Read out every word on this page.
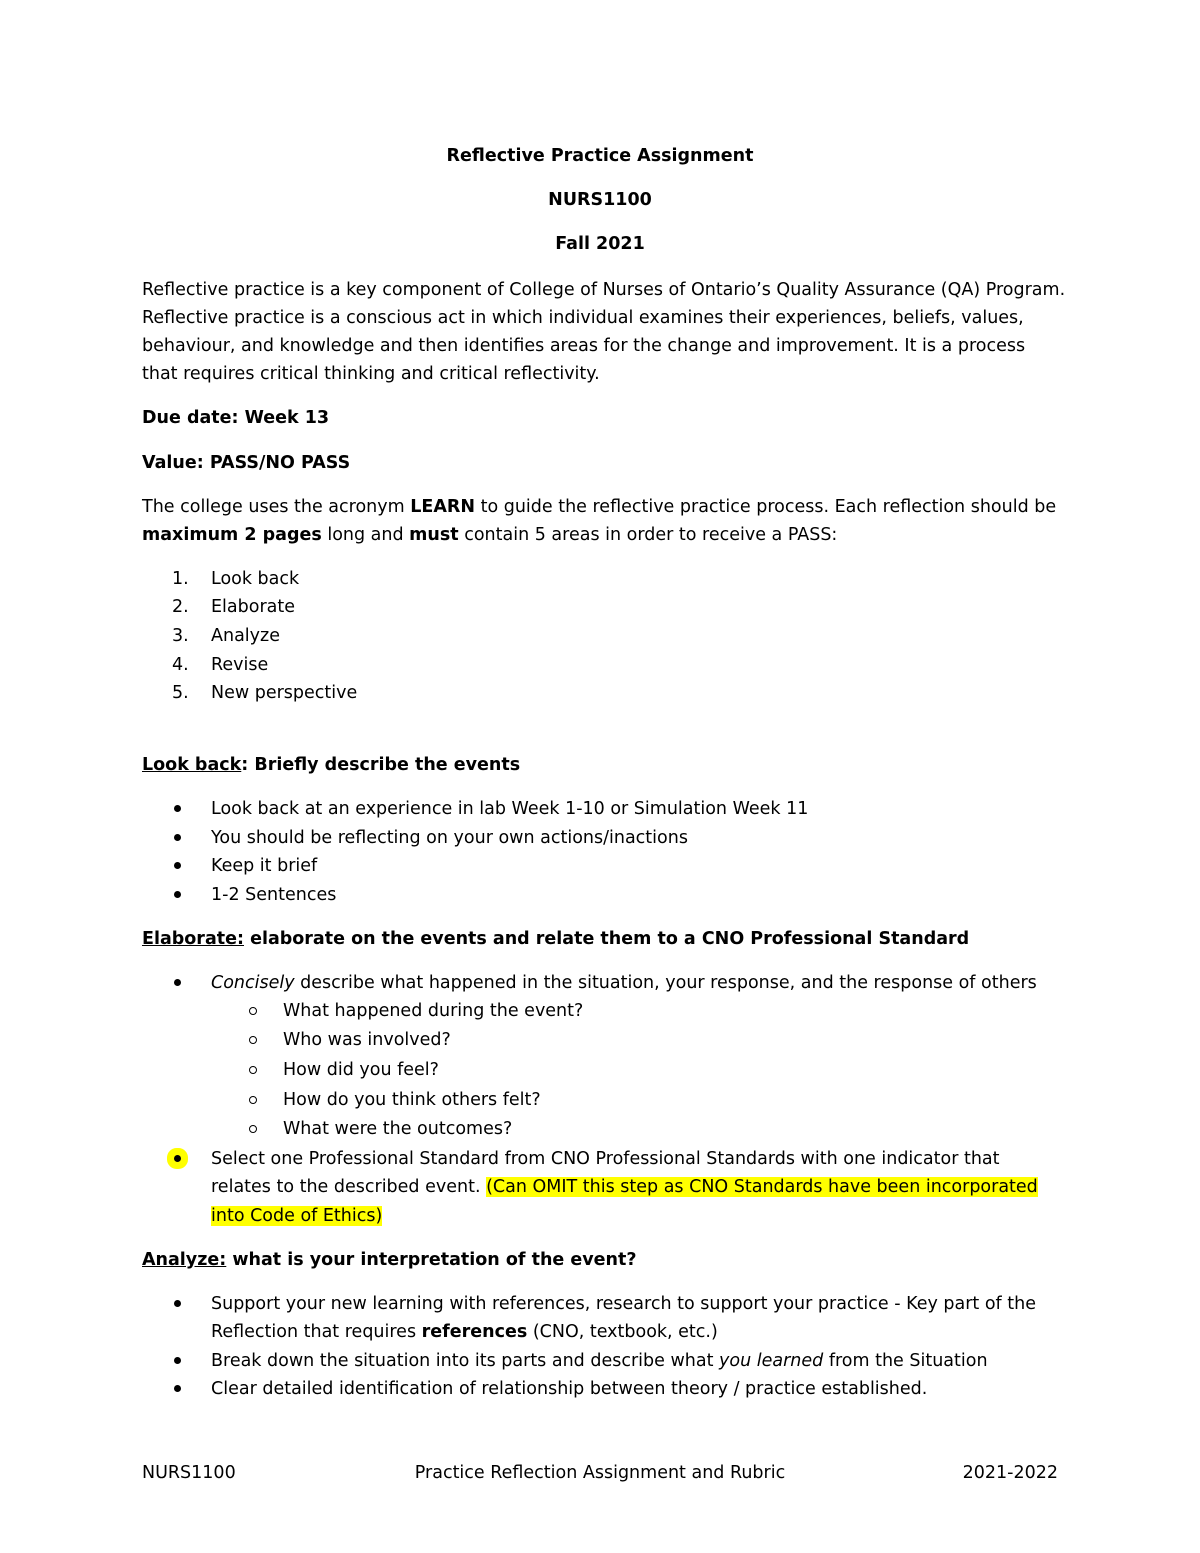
Reflective Practice Assignment
NURS1100
Fall 2021
Reflective practice is a key component of College of Nurses of Ontario’s Quality Assurance (QA) Program.
Reflective practice is a conscious act in which individual examines their experiences, beliefs, values,
behaviour, and knowledge and then identifies areas for the change and improvement. It is a process
that requires critical thinking and critical reflectivity.
Due date: Week 13
Value: PASS/NO PASS
The college uses the acronym LEARN to guide the reflective practice process. Each reflection should be
maximum 2 pages long and must contain 5 areas in order to receive a PASS:
1. Look back
2. Elaborate
3. Analyze
4. Revise
5. New perspective
Look back: Briefly describe the events
Look back at an experience in lab Week 1-10 or Simulation Week 11
You should be reflecting on your own actions/inactions
Keep it brief
1-2 Sentences
Elaborate: elaborate on the events and relate them to a CNO Professional Standard
Concisely describe what happened in the situation, your response, and the response of others
What happened during the event?
Who was involved?
How did you feel?
How do you think others felt?
What were the outcomes?
Select one Professional Standard from CNO Professional Standards with one indicator that
relates to the described event. (Can OMIT this step as CNO Standards have been incorporated
into Code of Ethics)
Analyze: what is your interpretation of the event?
Support your new learning with references, research to support your practice - Key part of the
Reflection that requires references (CNO, textbook, etc.)
Break down the situation into its parts and describe what you learned from the Situation
Clear detailed identification of relationship between theory / practice established.
NURS1100	Practice Reflection Assignment and Rubric	2021-2022
